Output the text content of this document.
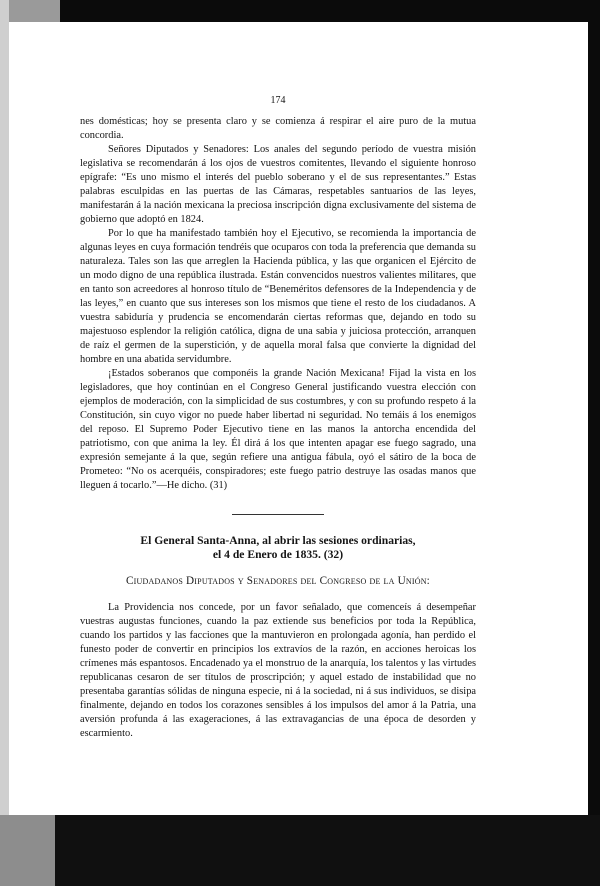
174

nes domésticas; hoy se presenta claro y se comienza á respirar el aire puro de la mutua concordia.

Señores Diputados y Senadores: Los anales del segundo período de vuestra misión legislativa se recomendarán á los ojos de vuestros comitentes, llevando el siguiente honroso epígrafe: “Es uno mismo el interés del pueblo soberano y el de sus representantes.” Estas palabras esculpidas en las puertas de las Cámaras, respetables santuarios de las leyes, manifestarán á la nación mexicana la preciosa inscripción digna exclusivamente del sistema de gobierno que adoptó en 1824.

Por lo que ha manifestado también hoy el Ejecutivo, se recomienda la importancia de algunas leyes en cuya formación tendréis que ocuparos con toda la preferencia que demanda su naturaleza. Tales son las que arreglen la Hacienda pública, y las que organicen el Ejército de un modo digno de una república ilustrada. Están convencidos nuestros valientes militares, que en tanto son acreedores al honroso título de “Beneméritos defensores de la Independencia y de las leyes,” en cuanto que sus intereses son los mismos que tiene el resto de los ciudadanos. A vuestra sabiduría y prudencia se encomendarán ciertas reformas que, dejando en todo su majestuoso esplendor la religión católica, digna de una sabia y juiciosa protección, arranquen de raíz el germen de la superstición, y de aquella moral falsa que convierte la dignidad del hombre en una abatida servidumbre.

¡Estados soberanos que componéis la grande Nación Mexicana! Fijad la vista en los legisladores, que hoy continúan en el Congreso General justificando vuestra elección con ejemplos de moderación, con la simplicidad de sus costumbres, y con su profundo respeto á la Constitución, sin cuyo vigor no puede haber libertad ni seguridad. No temáis á los enemigos del reposo. El Supremo Poder Ejecutivo tiene en las manos la antorcha encendida del patriotismo, con que anima la ley. Él dirá á los que intenten apagar ese fuego sagrado, una expresión semejante á la que, según refiere una antigua fábula, oyó el sátiro de la boca de Prometeo: “No os acerquéis, conspiradores; este fuego patrio destruye las osadas manos que lleguen á tocarlo.”—He dicho. (31)

El General Santa-Anna, al abrir las sesiones ordinarias,
el 4 de Enero de 1835. (32)
Ciudadanos Diputados y Senadores del Congreso de la Unión:

La Providencia nos concede, por un favor señalado, que comenceís á desempeñar vuestras augustas funciones, cuando la paz extiende sus beneficios por toda la República, cuando los partidos y las facciones que la mantuvieron en prolongada agonía, han perdido el funesto poder de convertir en principios los extravíos de la razón, en acciones heroicas los crímenes más espantosos. Encadenado ya el monstruo de la anarquía, los talentos y las virtudes republicanas cesaron de ser títulos de proscripción; y aquel estado de instabilidad que no presentaba garantías sólidas de ninguna especie, ni á la sociedad, ni á sus individuos, se disipa finalmente, dejando en todos los corazones sensibles á los impulsos del amor á la Patria, una aversión profunda á las exageraciones, á las extravagancias de una época de desorden y escarmiento.
